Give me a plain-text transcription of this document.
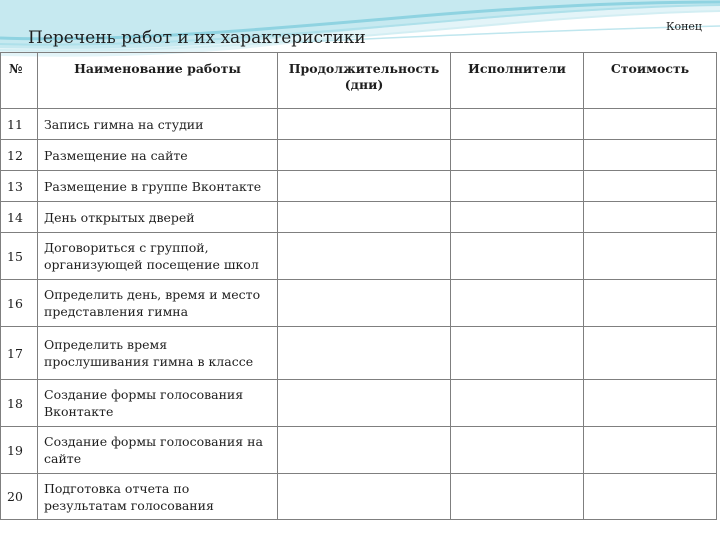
Перечень работ и их характеристики
Конец
№	Наименование работы	Продолжительность (дни)	Исполнители	Стоимость
11	Запись гимна на студии			
12	Размещение на сайте			
13	Размещение в группе Вконтакте			
14	День открытых дверей			
15	Договориться с группой, организующей посещение школ			
16	Определить день, время и место представления гимна			
17	Определить время прослушивания гимна в классе			
18	Создание формы голосования Вконтакте			
19	Создание формы голосования на сайте			
20	Подготовка отчета по результатам голосования			
